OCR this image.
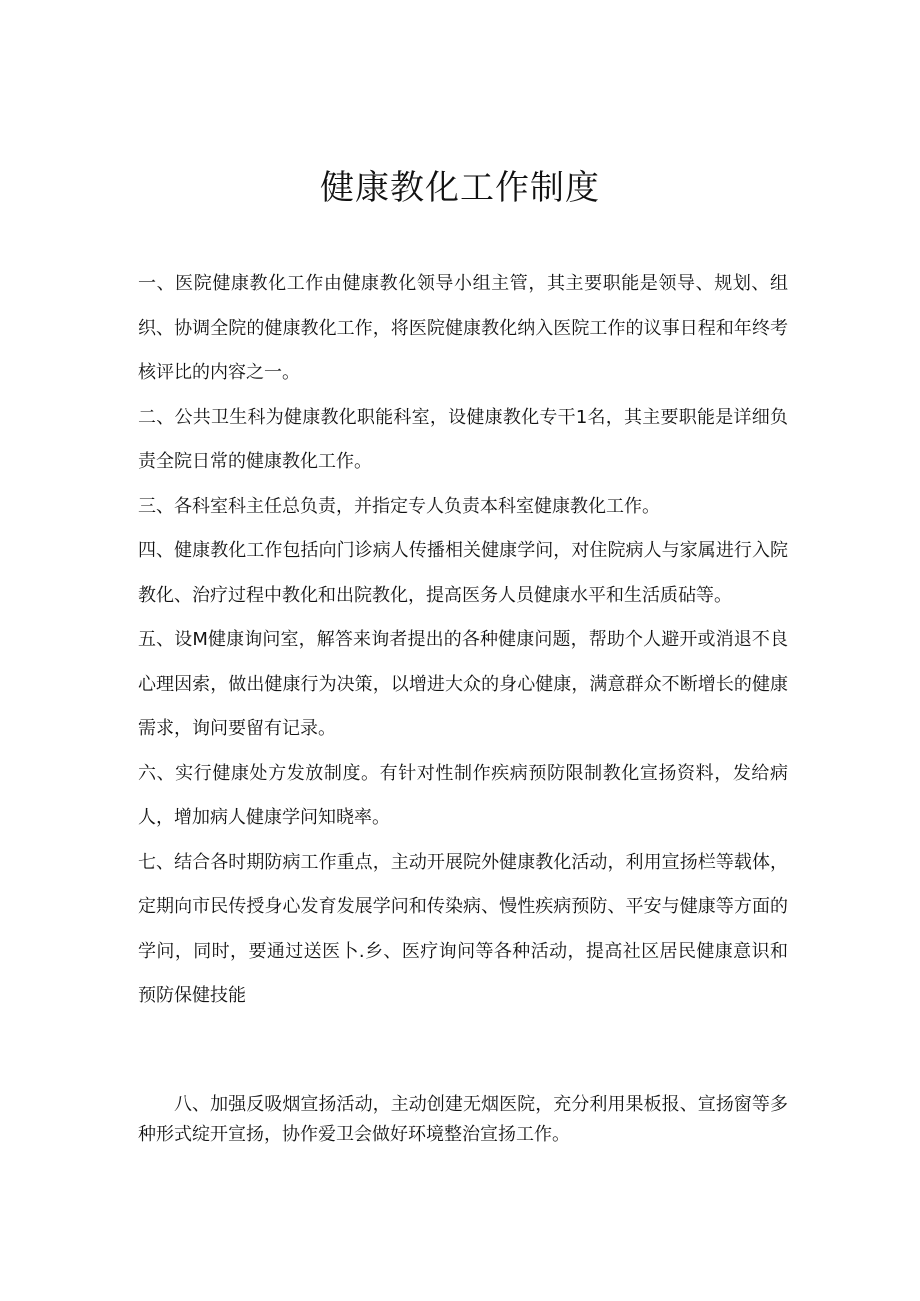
健康教化工作制度

一、医院健康教化工作由健康教化领导小组主管，其主要职能是领导、规划、组织、协调全院的健康教化工作，将医院健康教化纳入医院工作的议事日程和年终考核评比的内容之一。

二、公共卫生科为健康教化职能科室，设健康教化专干1名，其主要职能是详细负责全院日常的健康教化工作。

三、各科室科主任总负责，并指定专人负责本科室健康教化工作。

四、健康教化工作包括向门诊病人传播相关健康学问，对住院病人与家属进行入院教化、治疗过程中教化和出院教化，提高医务人员健康水平和生活质砧等。

五、设M健康询问室，解答来询者提出的各种健康问题，帮助个人避开或消退不良心理因索，做出健康行为决策，以增进大众的身心健康，满意群众不断增长的健康需求，询问要留有记录。

六、实行健康处方发放制度。有针对性制作疾病预防限制教化宣扬资料，发给病人，增加病人健康学问知晓率。

七、结合各时期防病工作重点，主动开展院外健康教化活动，利用宣扬栏等载体，定期向市民传授身心发育发展学问和传染病、慢性疾病预防、平安与健康等方面的学问，同时，要通过送医卜.乡、医疗询问等各种活动，提高社区居民健康意识和预防保健技能

八、加强反吸烟宣扬活动，主动创建无烟医院，充分利用果板报、宣扬窗等多种形式绽开宣扬，协作爱卫会做好环境整治宣扬工作。
